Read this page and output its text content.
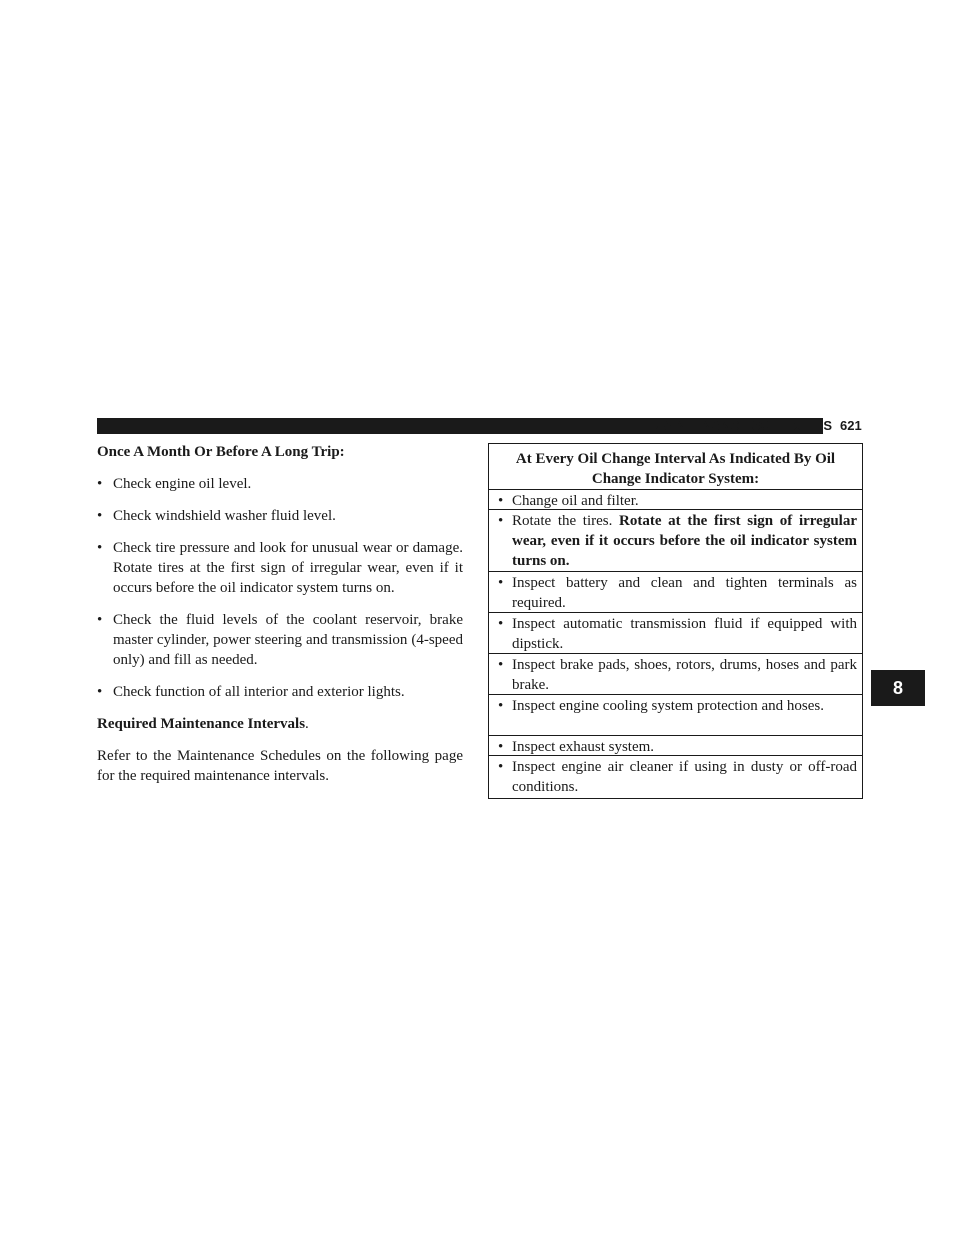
MAINTENANCE SCHEDULES 621
8

Once A Month Or Before A Long Trip:

• Check engine oil level.
• Check windshield washer fluid level.
• Check tire pressure and look for unusual wear or damage. Rotate tires at the first sign of irregular wear, even if it occurs before the oil indicator system turns on.
• Check the fluid levels of the coolant reservoir, brake master cylinder, power steering and transmission (4-speed only) and fill as needed.
• Check function of all interior and exterior lights.

Required Maintenance Intervals.

Refer to the Maintenance Schedules on the following page for the required maintenance intervals.

At Every Oil Change Interval As Indicated By Oil Change Indicator System:
• Change oil and filter.
• Rotate the tires. Rotate at the first sign of irregular wear, even if it occurs before the oil indicator system turns on.
• Inspect battery and clean and tighten terminals as required.
• Inspect automatic transmission fluid if equipped with dipstick.
• Inspect brake pads, shoes, rotors, drums, hoses and park brake.
• Inspect engine cooling system protection and hoses.
• Inspect exhaust system.
• Inspect engine air cleaner if using in dusty or off-road conditions.
